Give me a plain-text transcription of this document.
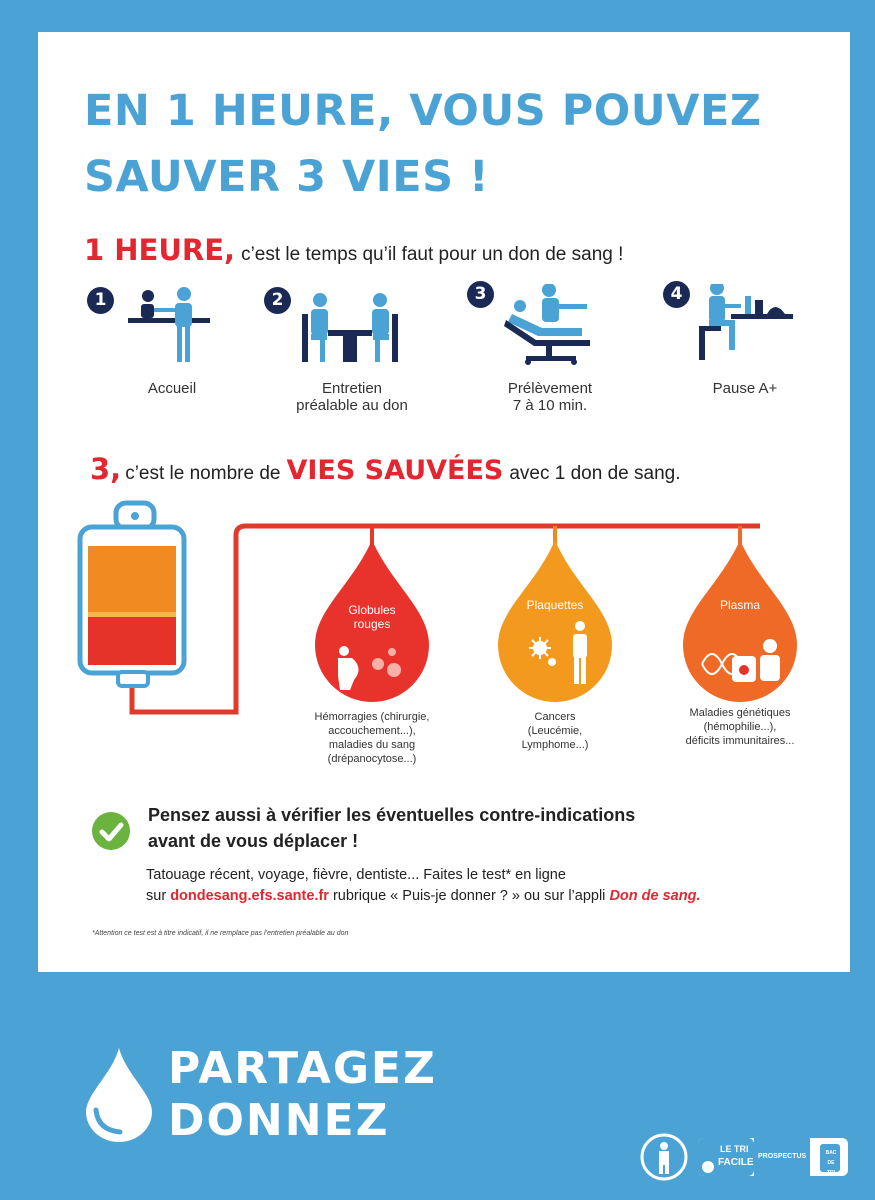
EN 1 HEURE, VOUS POUVEZ
SAUVER 3 VIES !
1 HEURE, c’est le temps qu’il faut pour un don de sang !
1
Accueil
2
Entretien
préalable au don
3
Prélèvement
7 à 10 min.
4
Pause A+
3, c’est le nombre de VIES SAUVÉES avec 1 don de sang.
Globules
rouges
Plaquettes	Plasma
Hémorragies (chirurgie,
accouchement...),
maladies du sang
(drépanocytose...)
Cancers
(Leucémie,
Lymphome...)
Maladies génétiques
(hémophilie...),
déficits immunitaires...
Pensez aussi à vérifier les éventuelles contre-indications
avant de vous déplacer !
Tatouage récent, voyage, fièvre, dentiste... Faites le test* en ligne
sur dondesang.efs.sante.fr rubrique « Puis-je donner ? » ou sur l’appli Don de sang.
*Attention ce test est à titre indicatif, il ne remplace pas l’entretien préalable au don
PARTAGEZ
DONNEZ
LE TRI
FACILE
PROSPECTUS	BAC DE TRI
